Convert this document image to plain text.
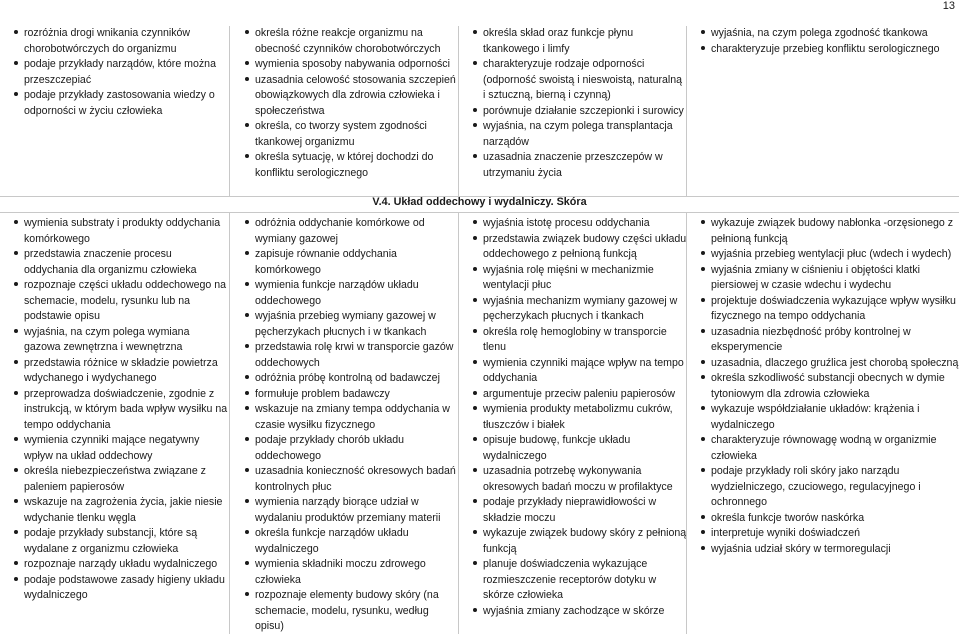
13
rozróżnia drogi wnikania czynników chorobotwórczych do organizmu
podaje przykłady narządów, które można przeszczepiać
podaje przykłady zastosowania wiedzy o odporności w życiu człowieka
określa różne reakcje organizmu na obecność czynników chorobotwórczych
wymienia sposoby nabywania odporności
uzasadnia celowość stosowania szczepień obowiązkowych dla zdrowia człowieka i społeczeństwa
określa, co tworzy system zgodności tkankowej organizmu
określa sytuację, w której dochodzi do konfliktu serologicznego
określa skład oraz funkcje płynu tkankowego i limfy
charakteryzuje rodzaje odporności (odporność swoistą i nieswoistą, naturalną i sztuczną, bierną i czynną)
porównuje działanie szczepionki i surowicy
wyjaśnia, na czym polega transplantacja narządów
uzasadnia znaczenie przeszczepów w utrzymaniu życia
wyjaśnia, na czym polega zgodność tkankowa
charakteryzuje przebieg konfliktu serologicznego
V.4. Układ oddechowy i wydalniczy. Skóra
wymienia substraty i produkty oddychania komórkowego
przedstawia znaczenie procesu oddychania dla organizmu człowieka
rozpoznaje części układu oddechowego na schemacie, modelu, rysunku lub na podstawie opisu
wyjaśnia, na czym polega wymiana gazowa zewnętrzna i wewnętrzna
przedstawia różnice w składzie powietrza wdychanego i wydychanego
przeprowadza doświadczenie, zgodnie z instrukcją, w którym bada wpływ wysiłku na tempo oddychania
wymienia czynniki mające negatywny wpływ na układ oddechowy
określa niebezpieczeństwa związane z paleniem papierosów
wskazuje na zagrożenia życia, jakie niesie wdychanie tlenku węgla
podaje przykłady substancji, które są wydalane z organizmu człowieka
rozpoznaje narządy układu wydalniczego
podaje podstawowe zasady higieny układu wydalniczego
odróżnia oddychanie komórkowe od wymiany gazowej
zapisuje równanie oddychania komórkowego
wymienia funkcje narządów układu oddechowego
wyjaśnia przebieg wymiany gazowej w pęcherzykach płucnych i w tkankach
przedstawia rolę krwi w transporcie gazów oddechowych
odróżnia próbę kontrolną od badawczej
formułuje problem badawczy
wskazuje na zmiany tempa oddychania w czasie wysiłku fizycznego
podaje przykłady chorób układu oddechowego
uzasadnia konieczność okresowych badań kontrolnych płuc
wymienia narządy biorące udział w wydalaniu produktów przemiany materii
określa funkcje narządów układu wydalniczego
wymienia składniki moczu zdrowego człowieka
rozpoznaje elementy budowy skóry (na schemacie, modelu, rysunku, według opisu)
wyjaśnia istotę procesu oddychania
przedstawia związek budowy części układu oddechowego z pełnioną funkcją
wyjaśnia rolę mięśni w mechanizmie wentylacji płuc
wyjaśnia mechanizm wymiany gazowej w pęcherzykach płucnych i tkankach
określa rolę hemoglobiny w transporcie tlenu
wymienia czynniki mające wpływ na tempo oddychania
argumentuje przeciw paleniu papierosów
wymienia produkty metabolizmu cukrów, tłuszczów i białek
opisuje budowę, funkcje układu wydalniczego
uzasadnia potrzebę wykonywania okresowych badań moczu w profilaktyce
podaje przykłady nieprawidłowości w składzie moczu
wykazuje związek budowy skóry z pełnioną funkcją
planuje doświadczenia wykazujące rozmieszczenie receptorów dotyku w skórze człowieka
wyjaśnia zmiany zachodzące w skórze
wykazuje związek budowy nabłonka -orzęsionego z pełnioną funkcją
wyjaśnia przebieg wentylacji płuc (wdech i wydech)
wyjaśnia zmiany w ciśnieniu i objętości klatki piersiowej w czasie wdechu i wydechu
projektuje doświadczenia wykazujące wpływ wysiłku fizycznego na tempo oddychania
uzasadnia niezbędność próby kontrolnej w eksperymencie
uzasadnia, dlaczego gruźlica jest chorobą społeczną
określa szkodliwość substancji obecnych w dymie tytoniowym dla zdrowia człowieka
wykazuje współdziałanie układów: krążenia i wydalniczego
charakteryzuje równowagę wodną w organizmie człowieka
podaje przykłady roli skóry jako narządu wydzielniczego, czuciowego, regulacyjnego i ochronnego
określa funkcje tworów naskórka
interpretuje wyniki doświadczeń
wyjaśnia udział skóry w termoregulacji
